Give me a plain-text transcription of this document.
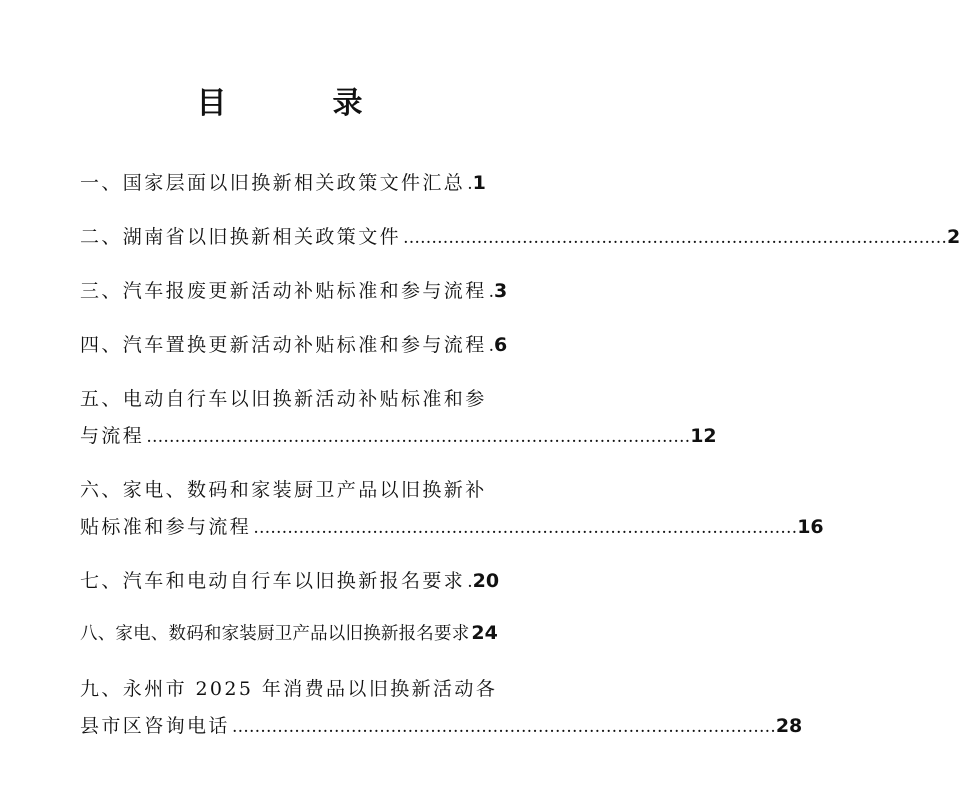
目　录
一、国家层面以旧换新相关政策文件汇总 . 1
二、湖南省以旧换新相关政策文件 ……………………………………………………………………………………	2
三、汽车报废更新活动补贴标准和参与流程 . 3
四、汽车置换更新活动补贴标准和参与流程 . 6
五、电动自行车以旧换新活动补贴标准和参
与流程 ……………………………………………………………………………………	12
六、家电、数码和家装厨卫产品以旧换新补
贴标准和参与流程 ……………………………………………………………………………………	16
七、汽车和电动自行车以旧换新报名要求 . 20
八、家电、数码和家装厨卫产品以旧换新报名要求 24
九、永州市 2025 年消费品以旧换新活动各
县市区咨询电话 ……………………………………………………………………………………	28
